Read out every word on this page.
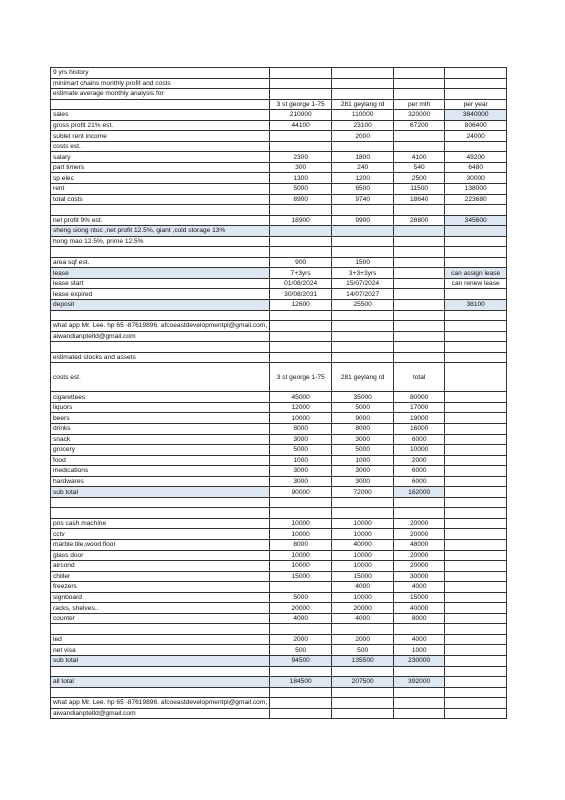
9 yrs history				
minimart chains monthly profit and costs				
estimate average monthly analysis for				
	3 st george 1-75	281 geylang rd	per mth	per year
sales	210000	110000	320000	3840000
gross profit 21% est.	44100	23100	67200	806400
sublet rent income		2000		24000
costs est.				
salary	2300	1800	4100	49200
part timers	300	240	540	6480
sp elec	1300	1200	2500	30000
rent	5000	6500	11500	138000
total costs	8900	9740	18640	223680

net profit 9% est.	18900	9900	28800	345600
sheng siong ntuc ,net profit 12.5%, giant ,cold storage 13%				
hong mao 12.5%, prime 12.5%				

area sqf est.	900	1500		
lease	7+3yrs	3+3+3yrs		can assign lease
lease start	01/08/2024	15/07/2024		can renew lease
lease expired	30/08/2031	14/07/2027		
deposit	12600	25500		38100

what app Mr. Lee. hp 65 -87619896. afcoeastdevelopmentpl@gmail.com,				
aiwandianpteltd@gmail.com				

estimated stocks and assets				
costs est.	3 st george 1-75	281 geylang rd	total	
cigarettees	45000	35000	80000	
liquors	12000	5000	17000	
beers	10000	9000	19000	
drinks	8000	8000	16000	
snack	3000	3000	6000	
grocery	5000	5000	10000	
food	1000	1000	2000	
medications	3000	3000	6000	
hardwares	3000	3000	6000	
sub total	90000	72000	162000	

pos cash machine	10000	10000	20000	
cctv	10000	10000	20000	
marble tile,wood floor	8000	40000	48000	
glass door	10000	10000	20000	
aircond	10000	10000	20000	
chiller	15000	15000	30000	
freezers		4000	4000	
signboard	5000	10000	15000	
racks, shelves..	20000	20000	40000	
counter	4000	4000	8000	

led	2000	2000	4000	
net visa	500	500	1000	
sub total	94500	135500	230000	

all total	184500	207500	392000	

what app Mr. Lee. hp 65 -87619896. afcoeastdevelopmentpl@gmail.com,				
aiwandianpteltd@gmail.com				
